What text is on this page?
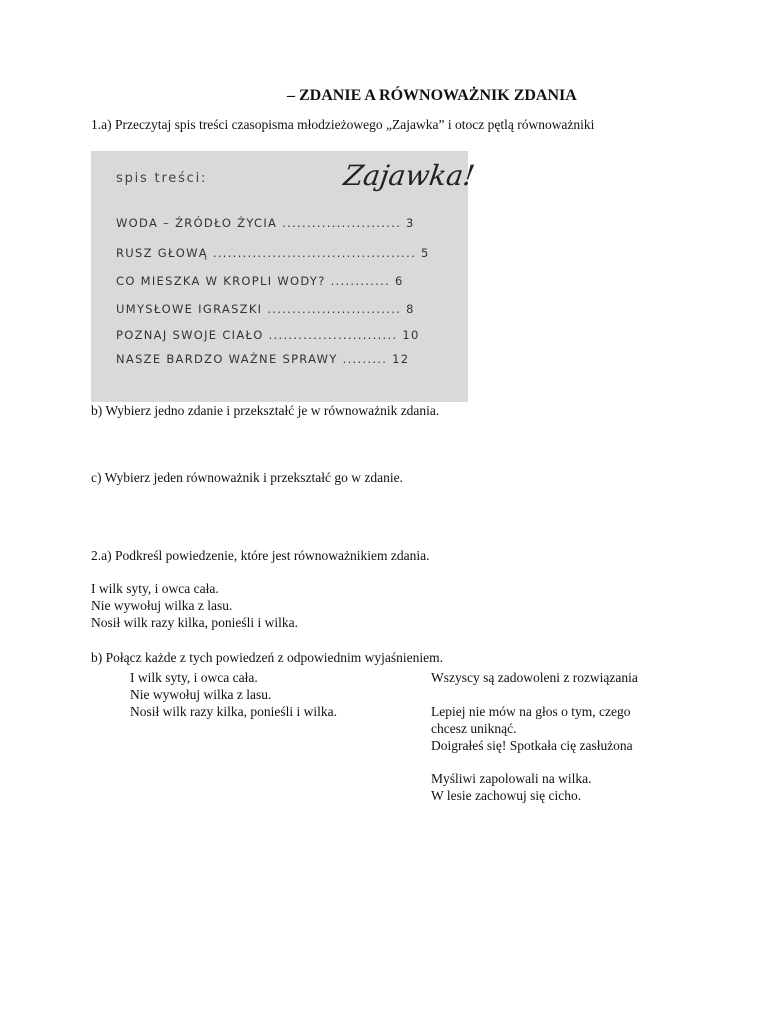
– ZDANIE A RÓWNOWAŻNIK ZDANIA
1.a) Przeczytaj spis treści czasopisma młodzieżowego „Zajawka” i otocz pętlą równoważniki
spis treści:	Zajawka!
WODA – ŹRÓDŁO ŻYCIA ........................ 3
RUSZ GŁOWĄ ......................................... 5
CO MIESZKA W KROPLI WODY? ............ 6
UMYSŁOWE IGRASZKI ........................... 8
POZNAJ SWOJE CIAŁO .......................... 10
NASZE BARDZO WAŻNE SPRAWY ......... 12
b) Wybierz jedno zdanie i przekształć je w równoważnik zdania.
c) Wybierz jeden równoważnik i przekształć go w zdanie.
2.a) Podkreśl powiedzenie, które jest równoważnikiem zdania.
I wilk syty, i owca cała.
Nie wywołuj wilka z lasu.
Nosił wilk razy kilka, ponieśli i wilka.
b) Połącz każde z tych powiedzeń z odpowiednim wyjaśnieniem.
I wilk syty, i owca cała.
Nie wywołuj wilka z lasu.
Nosił wilk razy kilka, ponieśli i wilka.
Wszyscy są zadowoleni z rozwiązania
Lepiej nie mów na głos o tym, czego
chcesz uniknąć.
Doigrałeś się! Spotkała cię zasłużona
Myśliwi zapolowali na wilka.
W lesie zachowuj się cicho.
